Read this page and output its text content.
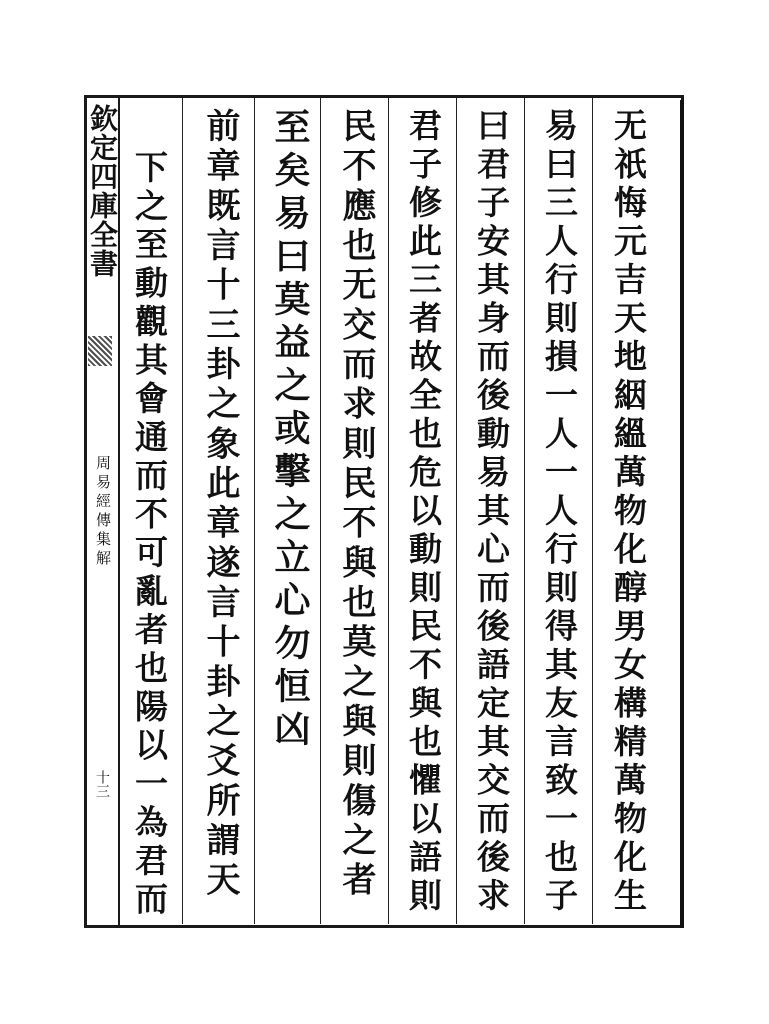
欽定四庫全書
周易經傳集解
十三	无祇悔元吉天地絪縕萬物化醇男女構精萬物化生
易曰三人行則損一人一人行則得其友言致一也子
曰君子安其身而後動易其心而後語定其交而後求
君子修此三者故全也危以動則民不與也懼以語則
民不應也无交而求則民不與也莫之與則傷之者
至矣易曰莫益之或擊之立心勿恒凶
前章既言十三卦之象此章遂言十卦之爻所謂天
下之至動觀其會通而不可亂者也陽以一為君而
